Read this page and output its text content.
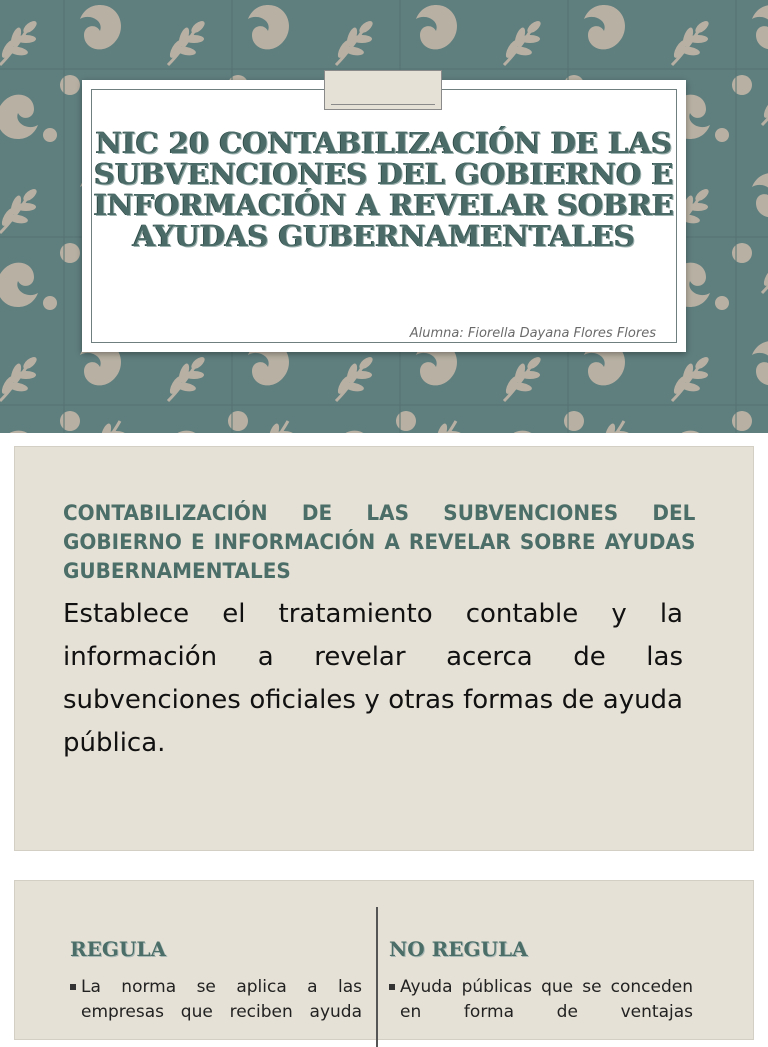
NIC 20 CONTABILIZACIÓN DE LAS SUBVENCIONES DEL GOBIERNO E INFORMACIÓN A REVELAR SOBRE AYUDAS GUBERNAMENTALES
Alumna: Fiorella Dayana Flores Flores
CONTABILIZACIÓN DE LAS SUBVENCIONES DEL GOBIERNO E INFORMACIÓN A REVELAR SOBRE AYUDAS GUBERNAMENTALES
Establece el tratamiento contable y la información a revelar acerca de las subvenciones oficiales y otras formas de ayuda pública.
REGULA
La norma se aplica a las empresas que reciben ayuda
NO REGULA
Ayuda públicas que se conceden en forma de ventajas
